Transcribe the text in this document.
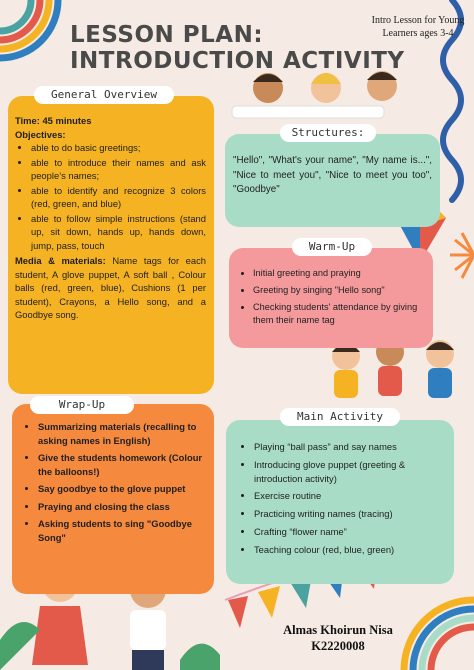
LESSON PLAN:
INTRODUCTION ACTIVITY
Intro Lesson for Young Learners ages 3-4
Time: 45 minutes
Objectives:
• able to do basic greetings;
• able to introduce their names and ask people’s names;
• able to identify and recognize 3 colors (red, green, and blue)
• able to follow simple instructions (stand up, sit down, hands up, hands down, jump, pass, touch
Media & materials: Name tags for each student, A glove puppet, A soft ball , Colour balls (red, green, blue), Cushions (1 per student), Crayons, a Hello song, and a Goodbye song.
General Overview
"Hello", "What's your name", "My name is...", "Nice to meet you", "Nice to meet you too", "Goodbye"
Structures:
• Initial greeting and praying
• Greeting by singing "Hello song"
• Checking students' attendance by giving them their name tag
Warm-Up
• Summarizing materials (recalling to asking names in English)
• Give the students homework (Colour the balloons!)
• Say goodbye to the glove puppet
• Praying and closing the class
• Asking students to sing "Goodbye Song"
Wrap-Up
• Playing “ball pass” and say names
• Introducing glove puppet (greeting & introduction activity)
• Exercise routine
• Practicing writing names (tracing)
• Crafting “flower name”
• Teaching colour (red, blue, green)
Main Activity
Almas Khoirun Nisa
K2220008
